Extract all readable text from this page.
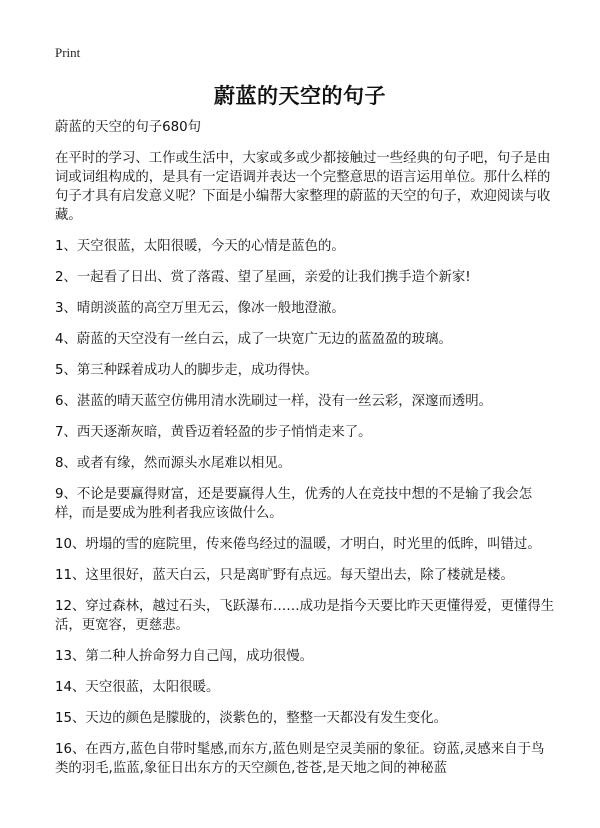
Print
蔚蓝的天空的句子

蔚蓝的天空的句子680句

在平时的学习、工作或生活中，大家或多或少都接触过一些经典的句子吧，句子是由词或词组构成的，是具有一定语调并表达一个完整意思的语言运用单位。那什么样的句子才具有启发意义呢？下面是小编帮大家整理的蔚蓝的天空的句子，欢迎阅读与收藏。

1、天空很蓝，太阳很暖，今天的心情是蓝色的。

2、一起看了日出、赏了落霞、望了星画，亲爱的让我们携手造个新家!

3、晴朗淡蓝的高空万里无云，像冰一般地澄澈。

4、蔚蓝的天空没有一丝白云，成了一块宽广无边的蓝盈盈的玻璃。

5、第三种踩着成功人的脚步走，成功得快。

6、湛蓝的晴天蓝空仿佛用清水洗刷过一样，没有一丝云彩，深邃而透明。

7、西天逐渐灰暗，黄昏迈着轻盈的步子悄悄走来了。

8、或者有缘，然而源头水尾难以相见。

9、不论是要赢得财富，还是要赢得人生，优秀的人在竞技中想的不是输了我会怎样，而是要成为胜利者我应该做什么。

10、坍塌的雪的庭院里，传来倦鸟经过的温暖，才明白，时光里的低眸，叫错过。

11、这里很好，蓝天白云，只是离旷野有点远。每天望出去，除了楼就是楼。

12、穿过森林，越过石头，飞跃瀑布……成功是指今天要比昨天更懂得爱，更懂得生活，更宽容，更慈悲。

13、第二种人拚命努力自己闯，成功很慢。

14、天空很蓝，太阳很暖。

15、天边的颜色是朦胧的，淡紫色的，整整一天都没有发生变化。

16、在西方,蓝色自带时髦感,而东方,蓝色则是空灵美丽的象征。窃蓝,灵感来自于鸟类的羽毛,监蓝,象征日出东方的天空颜色,苍苍,是天地之间的神秘蓝
